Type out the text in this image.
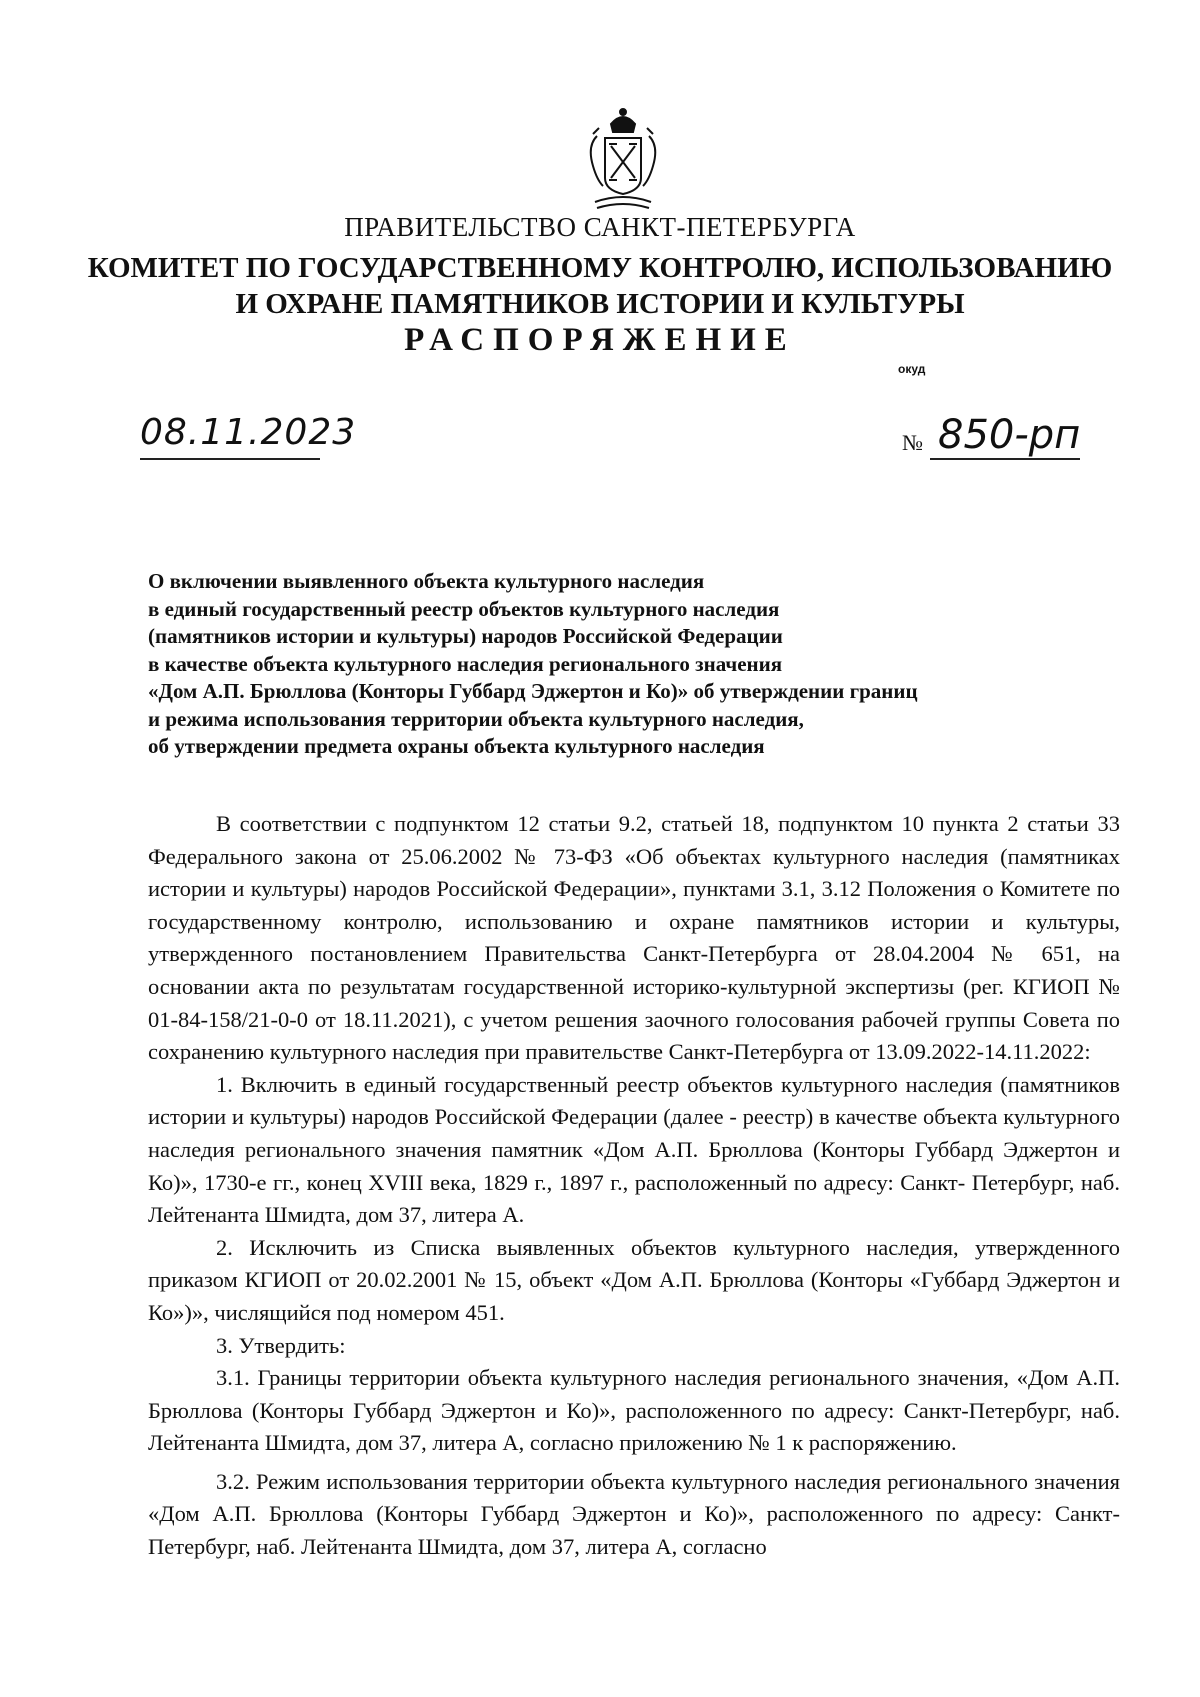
ПРАВИТЕЛЬСТВО САНКТ-ПЕТЕРБУРГА
КОМИТЕТ ПО ГОСУДАРСТВЕННОМУ КОНТРОЛЮ, ИСПОЛЬЗОВАНИЮ
И ОХРАНЕ ПАМЯТНИКОВ ИСТОРИИ И КУЛЬТУРЫ
РАСПОРЯЖЕНИЕ
окуд
08.11.2023	№ 850-рп
О включении выявленного объекта культурного наследия
в единый государственный реестр объектов культурного наследия
(памятников истории и культуры) народов Российской Федерации
в качестве объекта культурного наследия регионального значения
«Дом А.П. Брюллова (Конторы Губбард Эджертон и Ко)» об утверждении границ
и режима использования территории объекта культурного наследия,
об утверждении предмета охраны объекта культурного наследия

В соответствии с подпунктом 12 статьи 9.2, статьей 18, подпунктом 10 пункта 2 статьи 33 Федерального закона от 25.06.2002 № 73-ФЗ «Об объектах культурного наследия (памятниках истории и культуры) народов Российской Федерации», пунктами 3.1, 3.12 Положения о Комитете по государственному контролю, использованию и охране памятников истории и культуры, утвержденного постановлением Правительства Санкт-Петербурга от 28.04.2004 № 651, на основании акта по результатам государственной историко-культурной экспертизы (рег. КГИОП № 01-84-158/21-0-0 от 18.11.2021), с учетом решения заочного голосования рабочей группы Совета по сохранению культурного наследия при правительстве Санкт-Петербурга от 13.09.2022-14.11.2022:

1. Включить в единый государственный реестр объектов культурного наследия (памятников истории и культуры) народов Российской Федерации (далее - реестр) в качестве объекта культурного наследия регионального значения памятник «Дом А.П. Брюллова (Конторы Губбард Эджертон и Ко)», 1730-е гг., конец XVIII века, 1829 г., 1897 г., расположенный по адресу: Санкт- Петербург, наб. Лейтенанта Шмидта, дом 37, литера А.

2. Исключить из Списка выявленных объектов культурного наследия, утвержденного приказом КГИОП от 20.02.2001 № 15, объект «Дом А.П. Брюллова (Конторы «Губбард Эджертон и Ко»)», числящийся под номером 451.

3. Утвердить:

3.1. Границы территории объекта культурного наследия регионального значения, «Дом А.П. Брюллова (Конторы Губбард Эджертон и Ко)», расположенного по адресу: Санкт-Петербург, наб. Лейтенанта Шмидта, дом 37, литера А, согласно приложению № 1 к распоряжению.

3.2. Режим использования территории объекта культурного наследия регионального значения «Дом А.П. Брюллова (Конторы Губбард Эджертон и Ко)», расположенного по адресу: Санкт- Петербург, наб. Лейтенанта Шмидта, дом 37, литера А, согласно
